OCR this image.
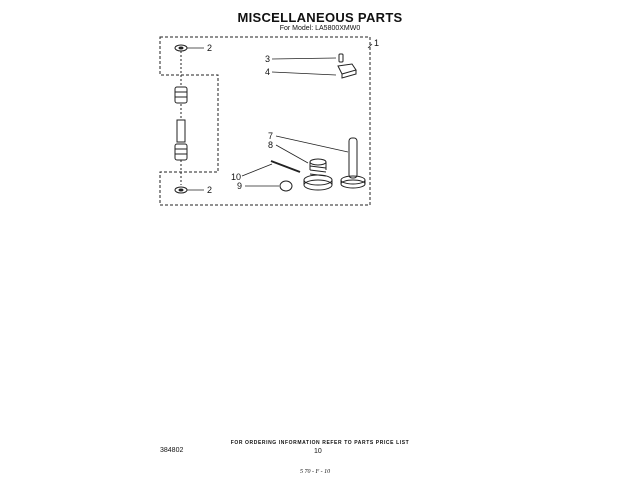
MISCELLANEOUS PARTS
For Model: LA5800XMW0
1
2
2
3
4
7
8
10
9
FOR ORDERING INFORMATION REFER TO PARTS PRICE LIST
384802	10
5 70 - F - 10
